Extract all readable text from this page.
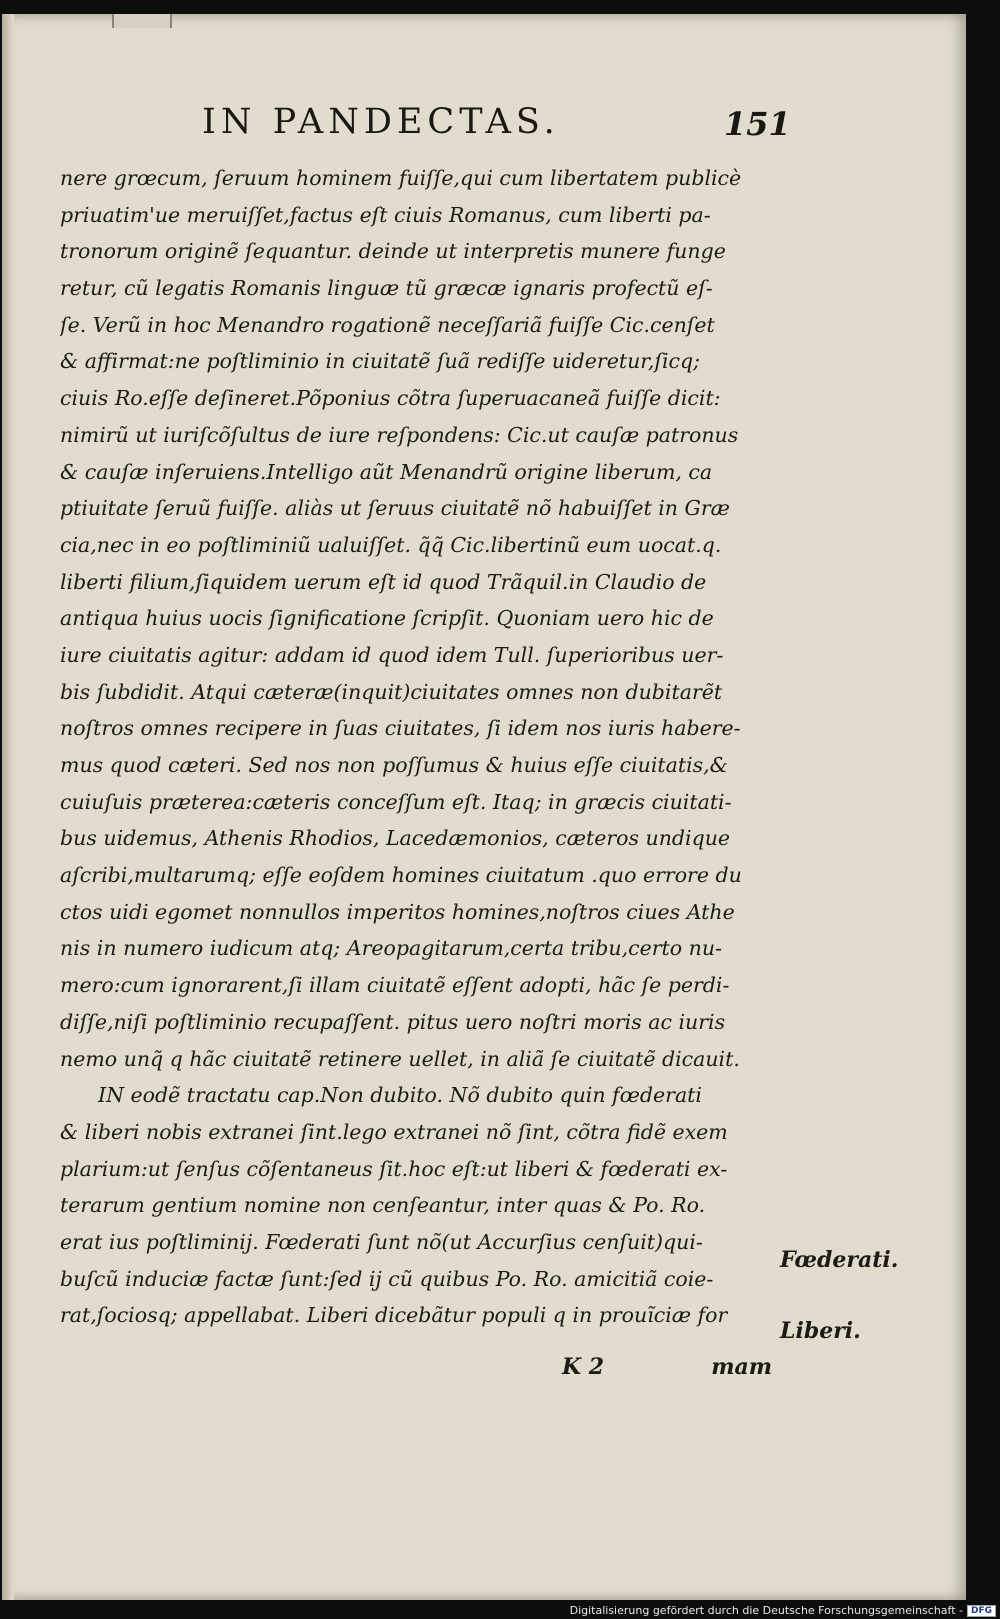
IN PANDECTAS.	151
nere grœcum, ſeruum hominem fuiſſe,qui cum libertatem publicè
priuatim'ue meruiſſet,factus eſt ciuis Romanus, cum liberti pa-
tronorum originẽ ſequantur. deinde ut interpretis munere funge
retur, cũ legatis Romanis linguæ tũ græcæ ignaris profectũ eſ-
ſe. Verũ in hoc Menandro rogationẽ neceſſariã fuiſſe Cic.cenſet
& affirmat:ne poſtliminio in ciuitatẽ ſuã rediſſe uideretur,ſicq;
ciuis Ro.eſſe deſineret.Põponius cõtra ſuperuacaneã fuiſſe dicit:
nimirũ ut iuriſcõſultus de iure reſpondens: Cic.ut cauſæ patronus
& cauſæ inſeruiens.Intelligo aũt Menandrũ origine liberum, ca
ptiuitate ſeruũ fuiſſe. aliàs ut ſeruus ciuitatẽ nõ habuiſſet in Græ
cia,nec in eo poſtliminiũ ualuiſſet. q̃q̃ Cic.libertinũ eum uocat.q.
liberti filium,ſiquidem uerum eſt id quod Trãquil.in Claudio de
antiqua huius uocis ſignificatione ſcripſit. Quoniam uero hic de
iure ciuitatis agitur: addam id quod idem Tull. ſuperioribus uer-
bis ſubdidit. Atqui cæteræ(inquit)ciuitates omnes non dubitarẽt
noſtros omnes recipere in ſuas ciuitates, ſi idem nos iuris habere-
mus quod cæteri. Sed nos non poſſumus & huius eſſe ciuitatis,&
cuiuſuis præterea:cæteris conceſſum eſt. Itaq; in græcis ciuitati-
bus uidemus, Athenis Rhodios, Lacedæmonios, cæteros undique
aſcribi,multarumq; eſſe eoſdem homines ciuitatum .quo errore du
ctos uidi egomet nonnullos imperitos homines,noſtros ciues Athe
nis in numero iudicum atq; Areopagitarum,certa tribu,certo nu-
mero:cum ignorarent,ſi illam ciuitatẽ eſſent adopti, hãc ſe perdi-
diſſe,niſi poſtliminio recupaſſent. pitus uero noſtri moris ac iuris
nemo unq̃ q hãc ciuitatẽ retinere uellet, in aliã ſe ciuitatẽ dicauit.
IN eodẽ tractatu cap.Non dubito. Nõ dubito quin fœderati
& liberi nobis extranei ſint.lego extranei nõ ſint, cõtra fidẽ exem
plarium:ut ſenſus cõſentaneus ſit.hoc eſt:ut liberi & fœderati ex-
terarum gentium nomine non cenſeantur, inter quas & Po. Ro.
erat ius poſtliminij. Fœderati ſunt nõ(ut Accurſius cenſuit)qui-
buſcũ induciæ factæ ſunt:ſed ij cũ quibus Po. Ro. amicitiã coie-
rat,ſociosq; appellabat. Liberi dicebãtur populi q in prouĩciæ for
Fœderati.
Liberi.
K 2	mam
Digitalisierung gefördert durch die Deutsche Forschungsgemeinschaft - DFG
